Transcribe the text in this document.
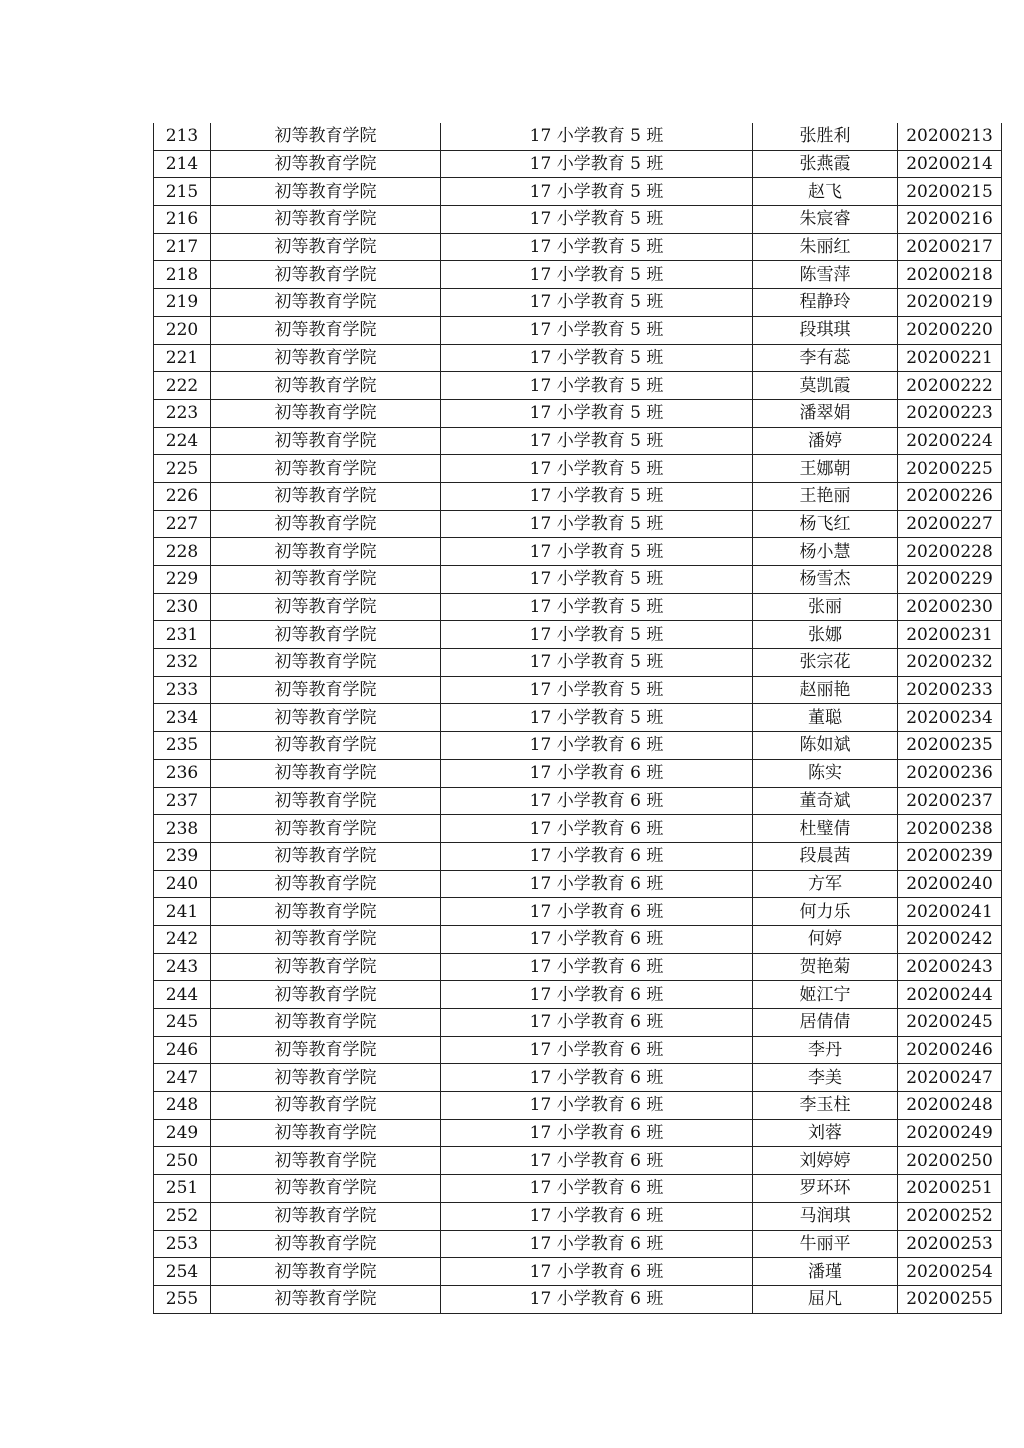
213	初等教育学院	17 小学教育 5 班	张胜利	20200213
214	初等教育学院	17 小学教育 5 班	张燕霞	20200214
215	初等教育学院	17 小学教育 5 班	赵飞	20200215
216	初等教育学院	17 小学教育 5 班	朱宸睿	20200216
217	初等教育学院	17 小学教育 5 班	朱丽红	20200217
218	初等教育学院	17 小学教育 5 班	陈雪萍	20200218
219	初等教育学院	17 小学教育 5 班	程静玲	20200219
220	初等教育学院	17 小学教育 5 班	段琪琪	20200220
221	初等教育学院	17 小学教育 5 班	李有蕊	20200221
222	初等教育学院	17 小学教育 5 班	莫凯霞	20200222
223	初等教育学院	17 小学教育 5 班	潘翠娟	20200223
224	初等教育学院	17 小学教育 5 班	潘婷	20200224
225	初等教育学院	17 小学教育 5 班	王娜朝	20200225
226	初等教育学院	17 小学教育 5 班	王艳丽	20200226
227	初等教育学院	17 小学教育 5 班	杨飞红	20200227
228	初等教育学院	17 小学教育 5 班	杨小慧	20200228
229	初等教育学院	17 小学教育 5 班	杨雪杰	20200229
230	初等教育学院	17 小学教育 5 班	张丽	20200230
231	初等教育学院	17 小学教育 5 班	张娜	20200231
232	初等教育学院	17 小学教育 5 班	张宗花	20200232
233	初等教育学院	17 小学教育 5 班	赵丽艳	20200233
234	初等教育学院	17 小学教育 5 班	董聪	20200234
235	初等教育学院	17 小学教育 6 班	陈如斌	20200235
236	初等教育学院	17 小学教育 6 班	陈实	20200236
237	初等教育学院	17 小学教育 6 班	董奇斌	20200237
238	初等教育学院	17 小学教育 6 班	杜璧倩	20200238
239	初等教育学院	17 小学教育 6 班	段晨茜	20200239
240	初等教育学院	17 小学教育 6 班	方军	20200240
241	初等教育学院	17 小学教育 6 班	何力乐	20200241
242	初等教育学院	17 小学教育 6 班	何婷	20200242
243	初等教育学院	17 小学教育 6 班	贺艳菊	20200243
244	初等教育学院	17 小学教育 6 班	姬江宁	20200244
245	初等教育学院	17 小学教育 6 班	居倩倩	20200245
246	初等教育学院	17 小学教育 6 班	李丹	20200246
247	初等教育学院	17 小学教育 6 班	李美	20200247
248	初等教育学院	17 小学教育 6 班	李玉柱	20200248
249	初等教育学院	17 小学教育 6 班	刘蓉	20200249
250	初等教育学院	17 小学教育 6 班	刘婷婷	20200250
251	初等教育学院	17 小学教育 6 班	罗环环	20200251
252	初等教育学院	17 小学教育 6 班	马润琪	20200252
253	初等教育学院	17 小学教育 6 班	牛丽平	20200253
254	初等教育学院	17 小学教育 6 班	潘瑾	20200254
255	初等教育学院	17 小学教育 6 班	屈凡	20200255
